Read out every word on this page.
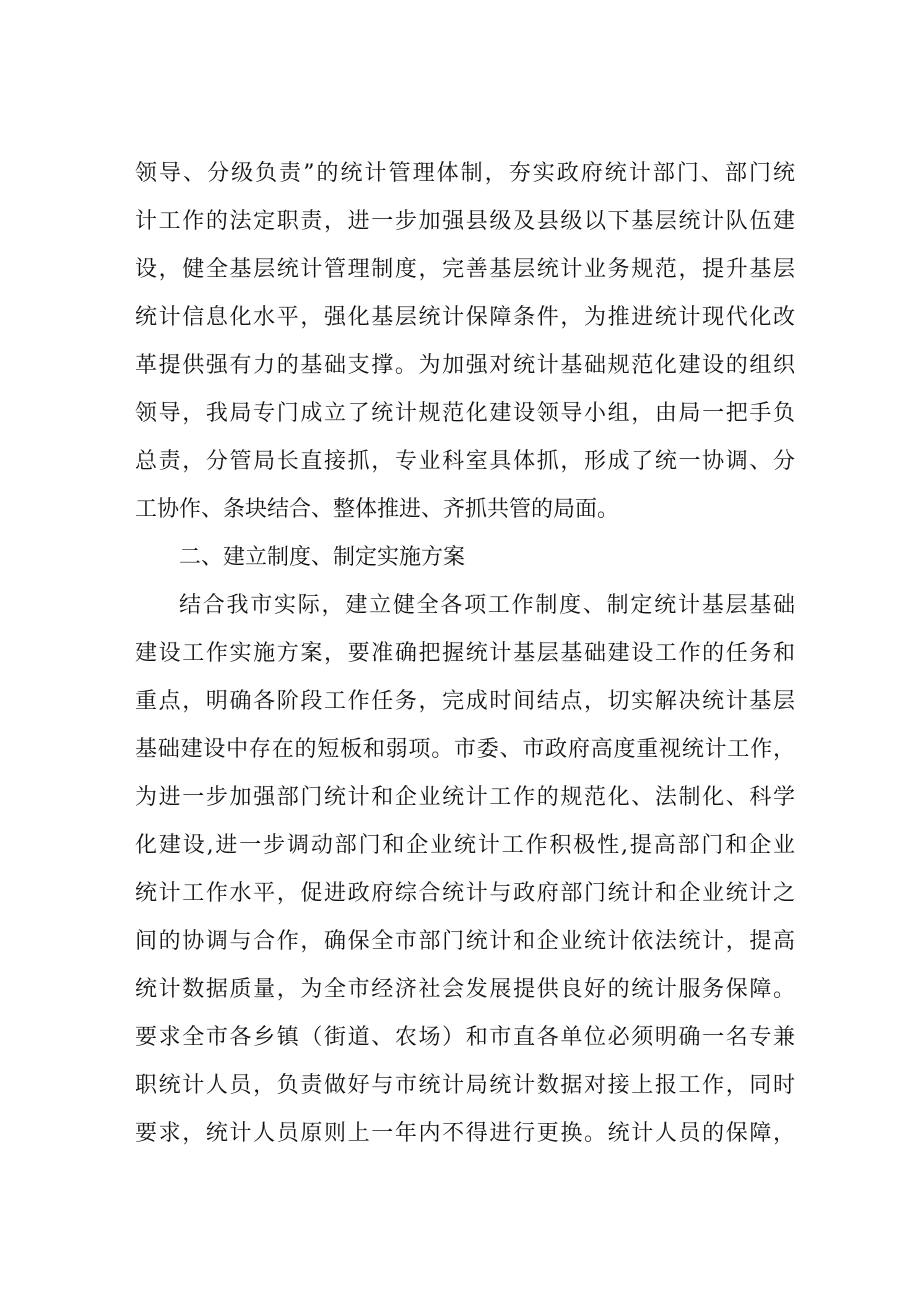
领导、分级负责”的统计管理体制，夯实政府统计部门、部门统
计工作的法定职责，进一步加强县级及县级以下基层统计队伍建
设，健全基层统计管理制度，完善基层统计业务规范，提升基层
统计信息化水平，强化基层统计保障条件，为推进统计现代化改
革提供强有力的基础支撑。为加强对统计基础规范化建设的组织
领导，我局专门成立了统计规范化建设领导小组，由局一把手负
总责，分管局长直接抓，专业科室具体抓，形成了统一协调、分
工协作、条块结合、整体推进、齐抓共管的局面。
二、建立制度、制定实施方案
结合我市实际，建立健全各项工作制度、制定统计基层基础
建设工作实施方案，要准确把握统计基层基础建设工作的任务和
重点，明确各阶段工作任务，完成时间结点，切实解决统计基层
基础建设中存在的短板和弱项。市委、市政府高度重视统计工作，
为进一步加强部门统计和企业统计工作的规范化、法制化、科学
化建设,进一步调动部门和企业统计工作积极性,提高部门和企业
统计工作水平，促进政府综合统计与政府部门统计和企业统计之
间的协调与合作，确保全市部门统计和企业统计依法统计，提高
统计数据质量，为全市经济社会发展提供良好的统计服务保障。
要求全市各乡镇（街道、农场）和市直各单位必须明确一名专兼
职统计人员，负责做好与市统计局统计数据对接上报工作，同时
要求，统计人员原则上一年内不得进行更换。统计人员的保障，
